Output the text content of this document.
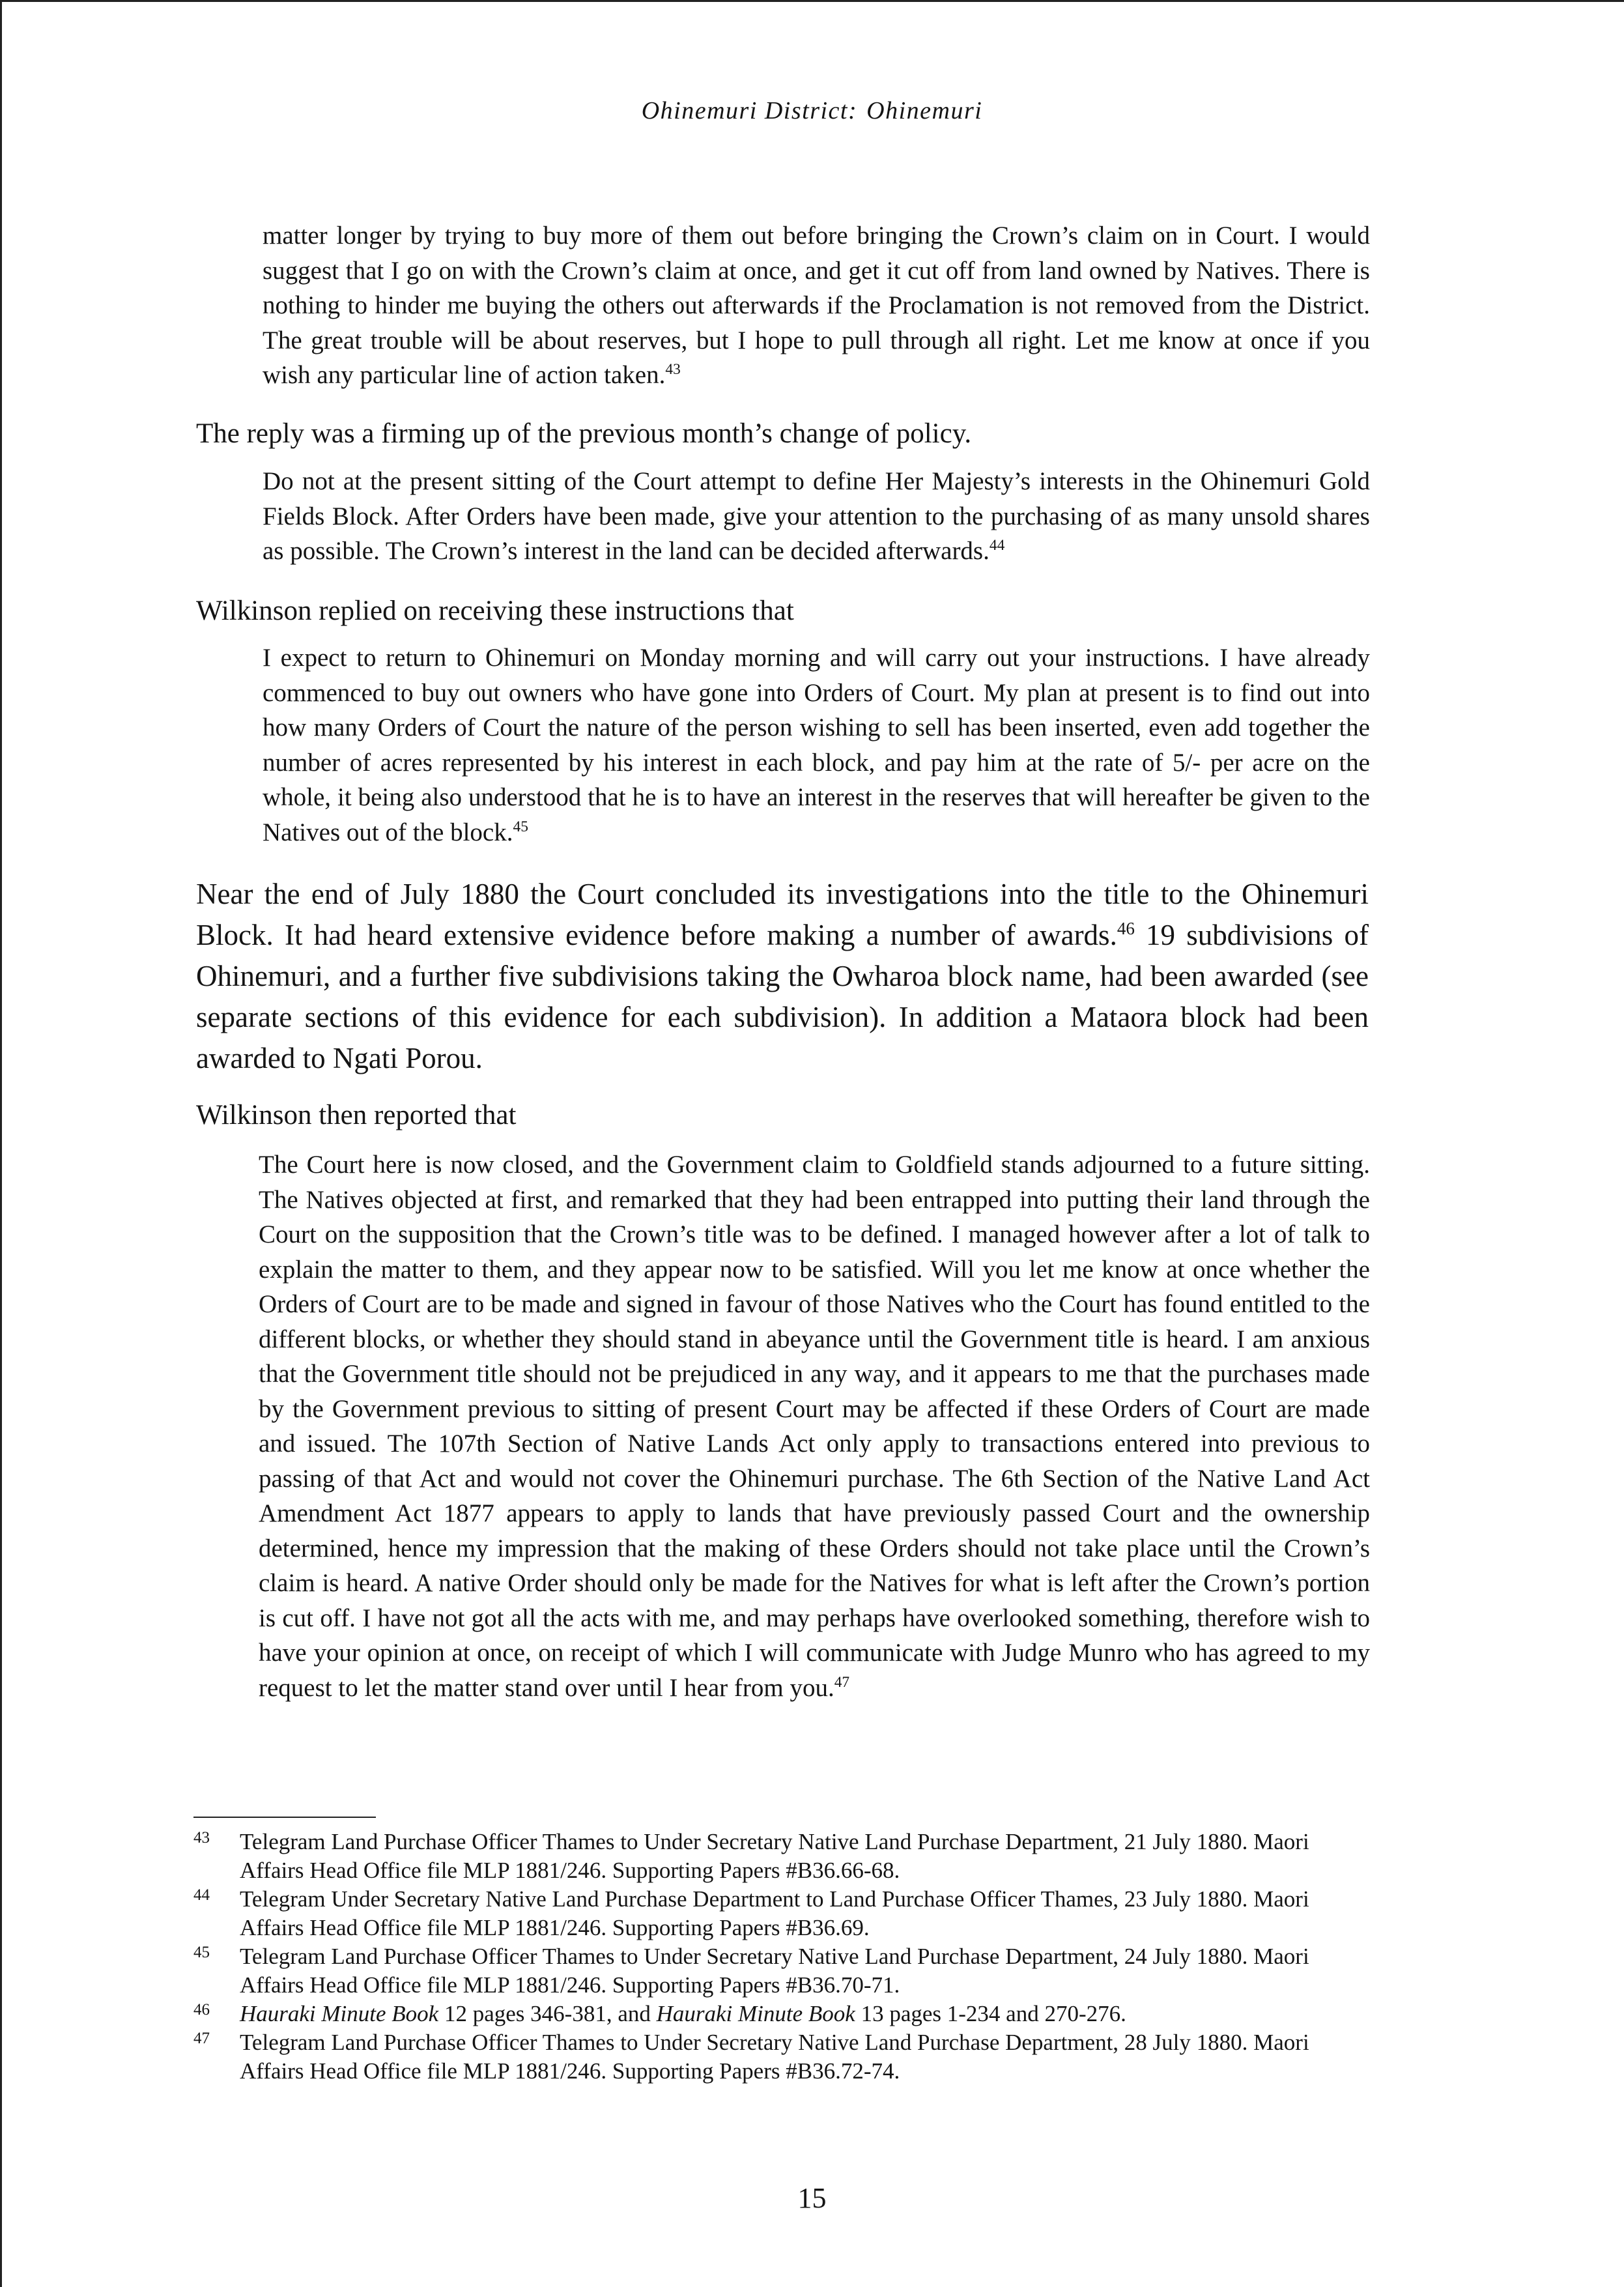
Ohinemuri District: Ohinemuri
matter longer by trying to buy more of them out before bringing the Crown’s claim on in Court. I would suggest that I go on with the Crown’s claim at once, and get it cut off from land owned by Natives. There is nothing to hinder me buying the others out afterwards if the Proclamation is not removed from the District. The great trouble will be about reserves, but I hope to pull through all right. Let me know at once if you wish any particular line of action taken.$^{43}$
The reply was a firming up of the previous month’s change of policy.
Do not at the present sitting of the Court attempt to define Her Majesty’s interests in the Ohinemuri Gold Fields Block. After Orders have been made, give your attention to the purchasing of as many unsold shares as possible. The Crown’s interest in the land can be decided afterwards.$^{44}$
Wilkinson replied on receiving these instructions that
I expect to return to Ohinemuri on Monday morning and will carry out your instructions. I have already commenced to buy out owners who have gone into Orders of Court. My plan at present is to find out into how many Orders of Court the nature of the person wishing to sell has been inserted, even add together the number of acres represented by his interest in each block, and pay him at the rate of 5/- per acre on the whole, it being also understood that he is to have an interest in the reserves that will hereafter be given to the Natives out of the block.$^{45}$
Near the end of July 1880 the Court concluded its investigations into the title to the Ohinemuri Block. It had heard extensive evidence before making a number of awards.$^{46}$ 19 subdivisions of Ohinemuri, and a further five subdivisions taking the Owharoa block name, had been awarded (see separate sections of this evidence for each subdivision). In addition a Mataora block had been awarded to Ngati Porou.
Wilkinson then reported that
The Court here is now closed, and the Government claim to Goldfield stands adjourned to a future sitting. The Natives objected at first, and remarked that they had been entrapped into putting their land through the Court on the supposition that the Crown’s title was to be defined. I managed however after a lot of talk to explain the matter to them, and they appear now to be satisfied. Will you let me know at once whether the Orders of Court are to be made and signed in favour of those Natives who the Court has found entitled to the different blocks, or whether they should stand in abeyance until the Government title is heard. I am anxious that the Government title should not be prejudiced in any way, and it appears to me that the purchases made by the Government previous to sitting of present Court may be affected if these Orders of Court are made and issued. The 107th Section of Native Lands Act only apply to transactions entered into previous to passing of that Act and would not cover the Ohinemuri purchase. The 6th Section of the Native Land Act Amendment Act 1877 appears to apply to lands that have previously passed Court and the ownership determined, hence my impression that the making of these Orders should not take place until the Crown’s claim is heard. A native Order should only be made for the Natives for what is left after the Crown’s portion is cut off. I have not got all the acts with me, and may perhaps have overlooked something, therefore wish to have your opinion at once, on receipt of which I will communicate with Judge Munro who has agreed to my request to let the matter stand over until I hear from you.$^{47}$
43	Telegram Land Purchase Officer Thames to Under Secretary Native Land Purchase Department, 21 July 1880. Maori Affairs Head Office file MLP 1881/246. Supporting Papers #B36.66-68.
44	Telegram Under Secretary Native Land Purchase Department to Land Purchase Officer Thames, 23 July 1880. Maori Affairs Head Office file MLP 1881/246. Supporting Papers #B36.69.
45	Telegram Land Purchase Officer Thames to Under Secretary Native Land Purchase Department, 24 July 1880. Maori Affairs Head Office file MLP 1881/246. Supporting Papers #B36.70-71.
46	Hauraki Minute Book 12 pages 346-381, and Hauraki Minute Book 13 pages 1-234 and 270-276.
47	Telegram Land Purchase Officer Thames to Under Secretary Native Land Purchase Department, 28 July 1880. Maori Affairs Head Office file MLP 1881/246. Supporting Papers #B36.72-74.
15
